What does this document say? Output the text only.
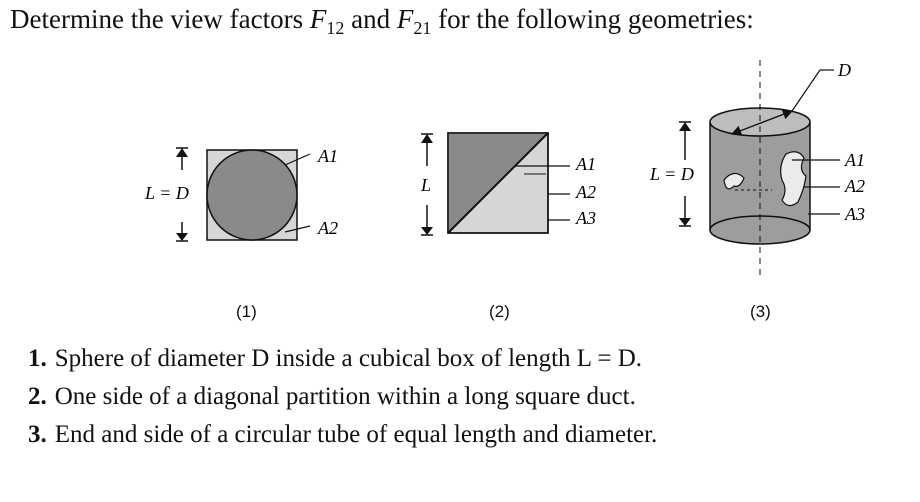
Determine the view factors $F_{12}$ and $F_{21}$ for the following geometries:
L = D
A1
A2
L
A1
A2
A3
L = D
D
A1
A2
A3
(1)	(2)	(3)
1. Sphere of diameter D inside a cubical box of length L = D.
2. One side of a diagonal partition within a long square duct.
3. End and side of a circular tube of equal length and diameter.
